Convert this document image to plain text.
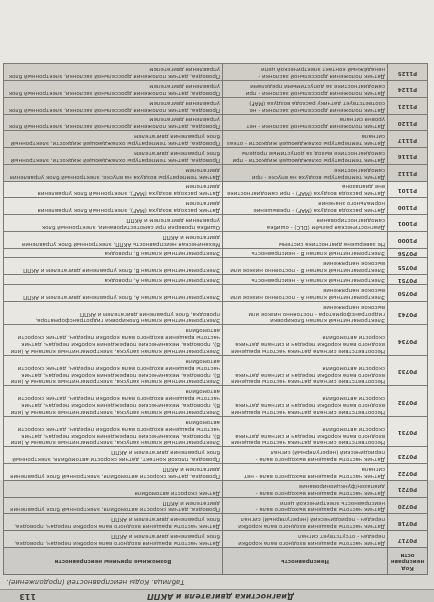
Диагностика двигателя и АКПП
113
Таблица. Коды неисправностей (продолжение).
Код неисправности	Неисправность	Возможные причины неисправности
P0717	Датчик частоты вращения входного вала коробки передач - отсутствует сигнал	Датчик частоты вращения входного вала коробки передач, проводка, блок управления двигателем и АКПП
P0718	Датчик частоты вращения входного вала коробки передач - периодический (нерегулярный) сигнал	Датчик частоты вращения входного вала коробки передач, проводка, блок управления двигателем и АКПП
P0720	Датчик частоты вращения выходного вала - неисправность электрической цепи	Проводка, датчик скорости автомобиля, электронный блок управления двигателем и АКПП
P0721	Датчик частоты вращения выходного вала - диапазон/функционирование	Датчик скорости автомобиля
P0722	Датчик частоты вращения выходного вала - нет сигнала	Проводка, датчик скорости автомобиля, электронный блок управления двигателем и АКПП
P0723	Датчик частоты вращения выходного вала - периодический (нерегулярный) сигнал	Проводка, плохой контакт, датчик скорости автомобиля, электронный блок управления двигателем и АКПП
P0731	Несоответствие сигнала датчика частоты вращения входного вала коробки передач и сигнала датчика скорости автомобиля	Электромагнитный клапан запуска, электромагнитные клапаны A (или B), проводка, механические повреждения коробки передач, датчик частоты вращения входного вала коробки передач, датчик скорости автомобиля
P0732	Несоответствие сигнала датчика частоты вращения входного вала коробки передач и сигнала датчика скорости автомобиля	Электромагнитный клапан запуска, электромагнитные клапаны A (или B), проводка, механические повреждения коробки передач, датчик частоты вращения входного вала коробки передач, датчик скорости автомобиля
P0733	Несоответствие сигнала датчика частоты вращения входного вала коробки передач и сигнала датчика скорости автомобиля	Электромагнитный клапан запуска, электромагнитные клапаны A (или B), проводка, механические повреждения коробки передач, датчик частоты вращения входного вала коробки передач, датчик скорости автомобиля
P0734	Несоответствие сигнала датчика частоты вращения входного вала коробки передач и сигнала датчика скорости автомобиля	Электромагнитный клапан запуска, электромагнитные клапаны A (или B), проводка, механические повреждения коробки передач, датчик частоты вращения входного вала коробки передач, датчик скорости автомобиля
P0743	Электромагнитный клапан блокировки гидротрансформатора - постоянно низкое или высокое напряжение	Электромагнитный клапан блокировки гидротрансформатора, проводка, блок управления двигателем и АКПП
P0750	Электромагнитный клапан A - постоянно низкое или высокое напряжение	Электромагнитный клапан A, блок управления двигателем и АКПП
P0751	Электромагнитный клапан A - неисправность	Электромагнитный клапан A, проводка
P0755	Электромагнитный клапан B - постоянно низкое или высокое напряжение	Электромагнитный клапан B, блок управления двигателем и АКПП
P0756	Электромагнитный клапан B - неисправность	Электромагнитный клапан B, проводка
P1000	Не завершена диагностика системы	Механическая неисправность АКПП, электронный блок управления двигателем и АКПП
P1001	Диагностическая разъём (DLC) - ошибка самодиагностирования	Ошибка проверки при самотестировании, электронный блок управления двигателем и АКПП
P1100	Датчик расхода воздуха (MAF) - превышение нормального значения	Датчик расхода воздуха (MAF), электронный блок управления двигателем
P1101	Датчик расхода воздуха (MAF) - при самодиагностике вне диапазона	Датчик расхода воздуха (MAF), электронный блок управления двигателем
P1112	Датчик температуры воздуха на впуске - при самодиагностике	Датчик температуры воздуха на впуске, электронный блок управления двигателем
P1116	Датчик температуры охлаждающей жидкости - при самодиагностике выход за допустимые пределы	Проводка, датчик температуры охлаждающей жидкости, электронный блок управления двигателем
P1117	Датчик температуры охлаждающей жидкости - отказ сигнала	Проводка, датчик температуры охлаждающей жидкости, электронный блок управления двигателем
P1120	Датчик положения дроссельной заслонки - нет уровня сигнала	Проводка, датчик положения дроссельной заслонки, электронный блок управления двигателем
P1121	Датчик положения дроссельной заслонки - не соответствует датчику расхода воздуха (MAF)	Проводка, датчик положения дроссельной заслонки, электронный блок управления двигателем
P1124	Датчик положения дроссельной заслонки - при самодиагностике за допустимыми пределами	Проводка, датчик положения дроссельной заслонки, электронный блок управления двигателем
P1125	Датчик положения дроссельной заслонки - ненадёжный контакт электрической цепи	Проводка, датчик положения дроссельной заслонки, электронный блок управления двигателем
